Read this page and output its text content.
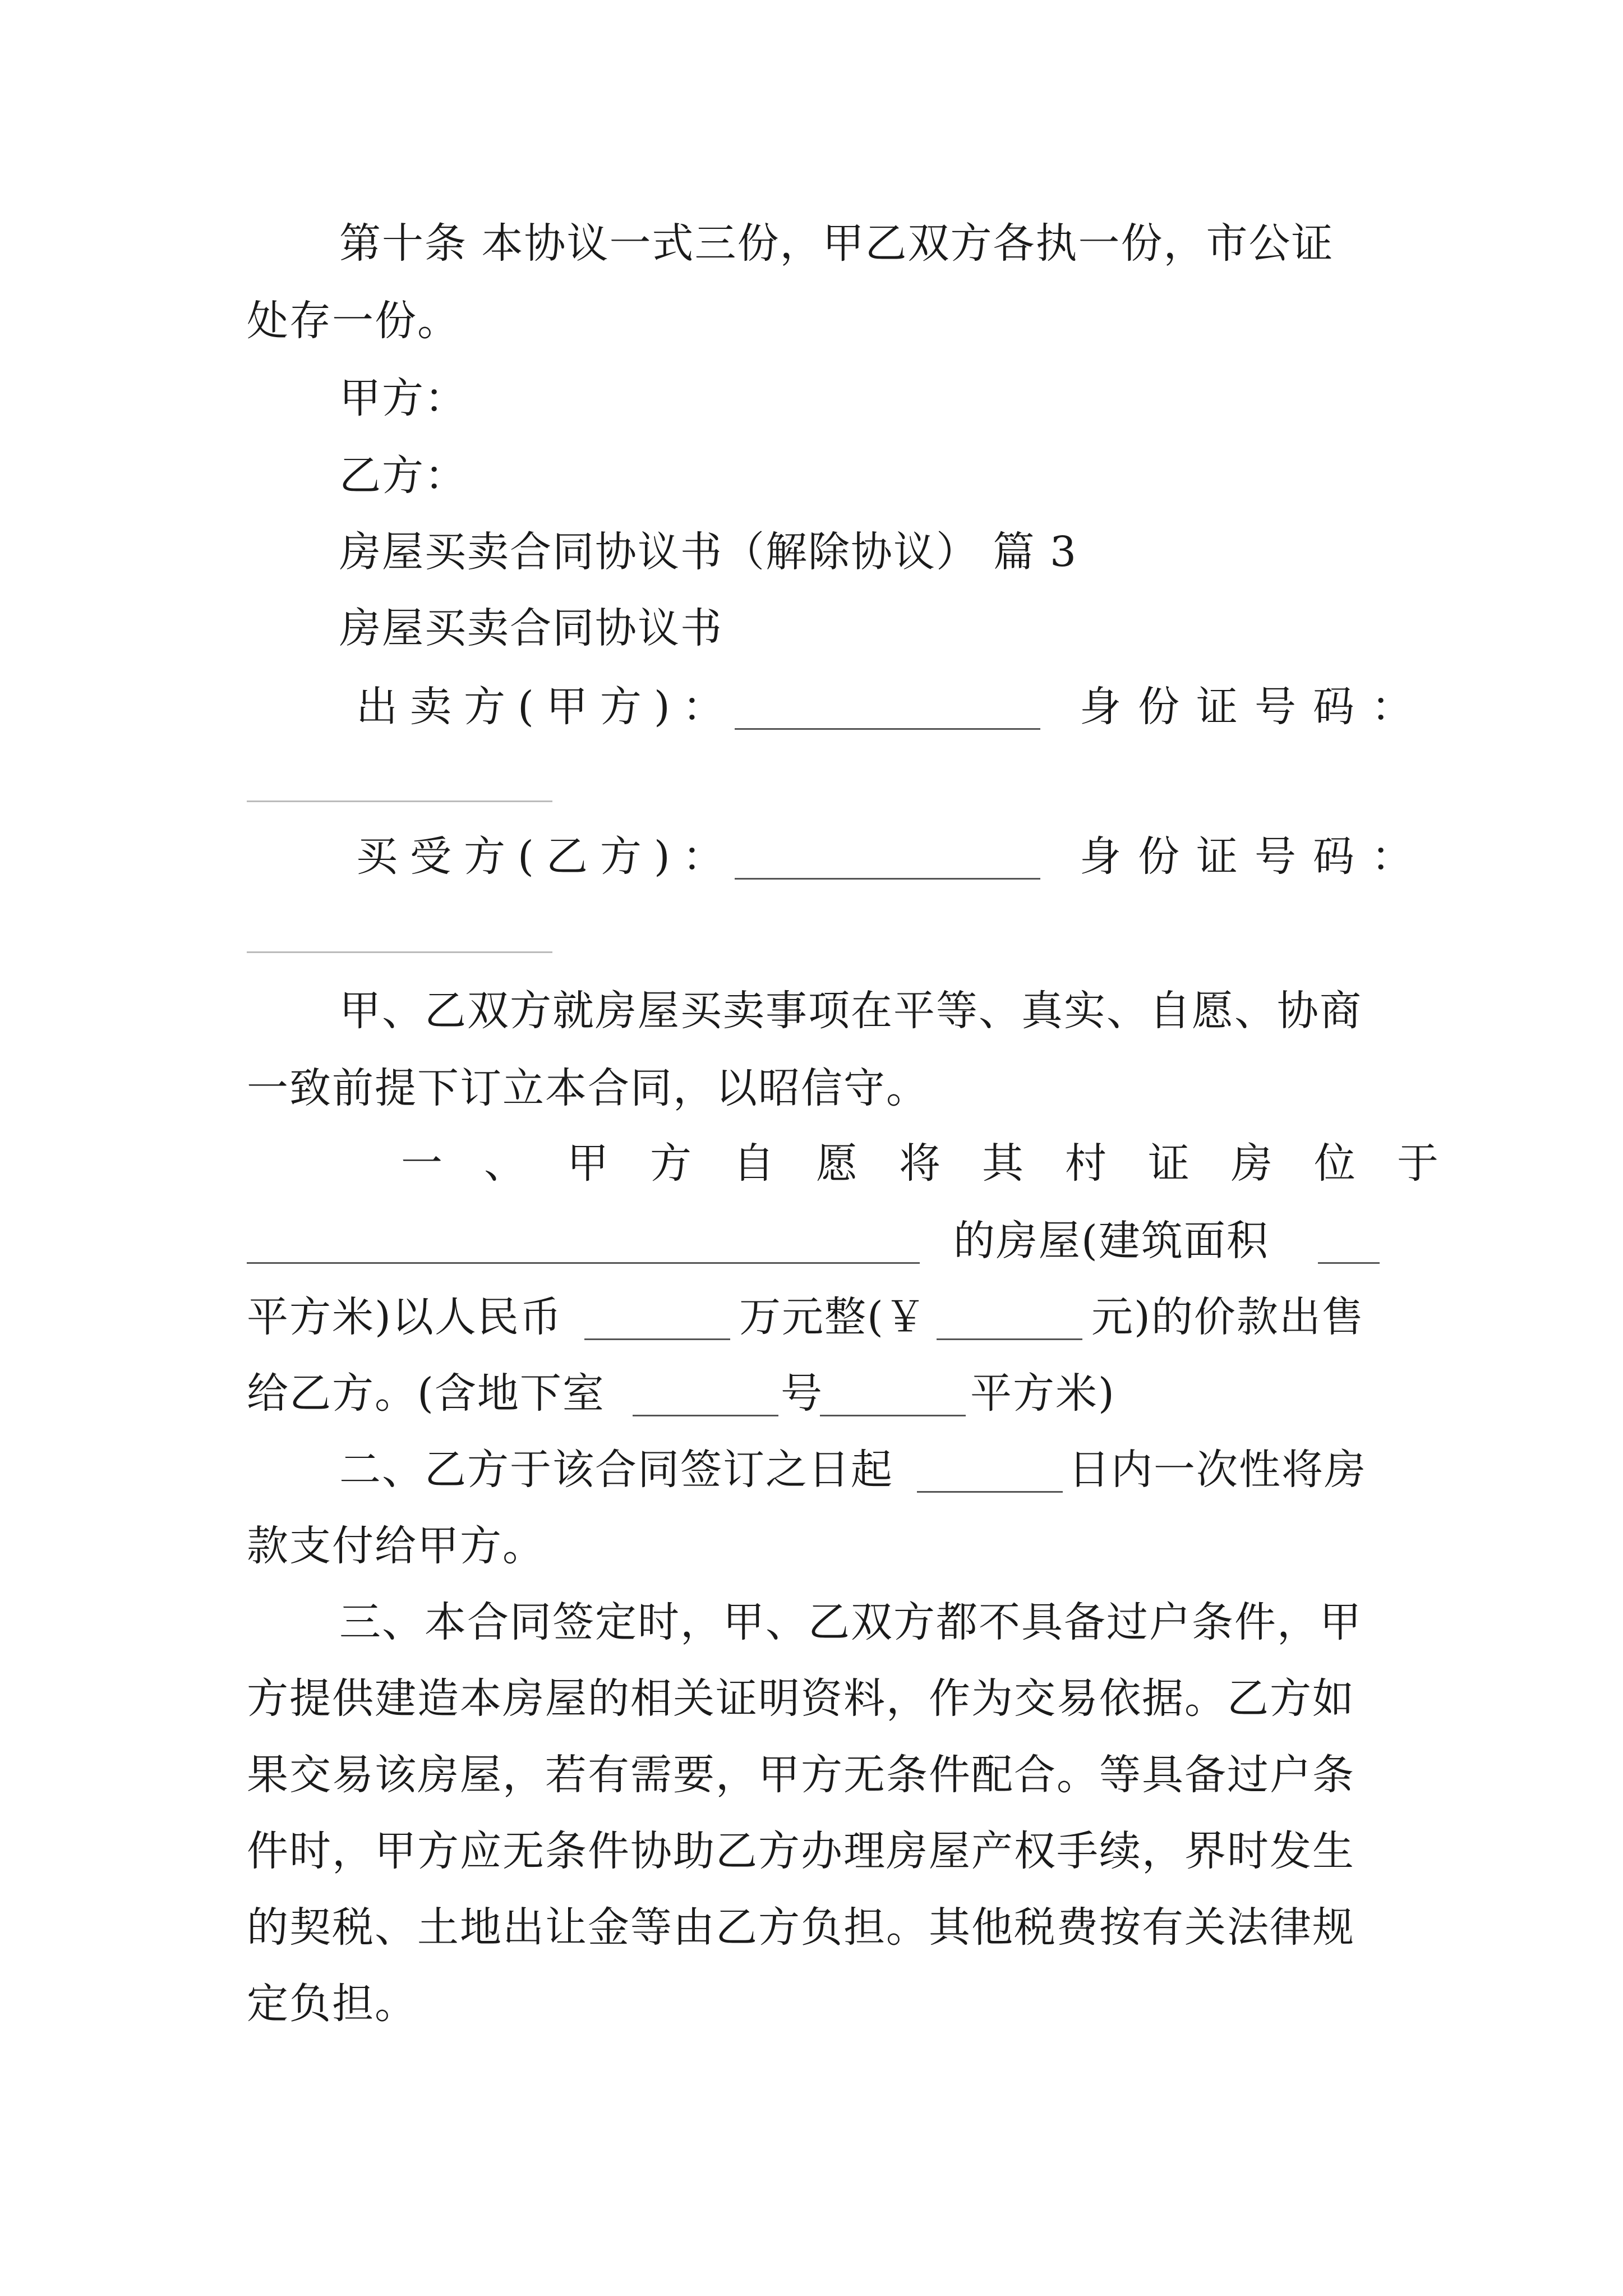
第十条 本协议一式三份，甲乙双方各执一份，市公证
处存一份。
甲方：
乙方：
房屋买卖合同协议书（解除协议） 篇 3
房屋买卖合同协议书
出卖方(甲方)：	身份证号码：
买受方(乙方)：	身份证号码：
甲、乙双方就房屋买卖事项在平等、真实、自愿、协商
一致前提下订立本合同，以昭信守。
一、甲方自愿将其村证房位于
的房屋(建筑面积
平方米)以人民币	万元整(￥	元)的价款出售
给乙方。(含地下室	号	平方米)
二、乙方于该合同签订之日起	日内一次性将房
款支付给甲方。
三、本合同签定时，甲、乙双方都不具备过户条件，甲
方提供建造本房屋的相关证明资料，作为交易依据。乙方如
果交易该房屋，若有需要，甲方无条件配合。等具备过户条
件时，甲方应无条件协助乙方办理房屋产权手续，界时发生
的契税、土地出让金等由乙方负担。其他税费按有关法律规
定负担。
